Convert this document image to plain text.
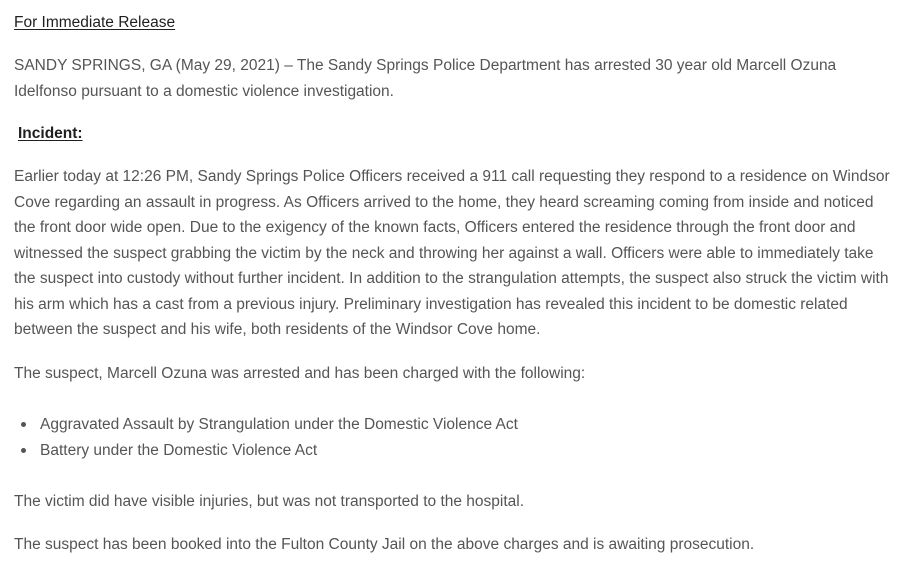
For Immediate Release

SANDY SPRINGS, GA (May 29, 2021) – The Sandy Springs Police Department has arrested 30 year old Marcell Ozuna Idelfonso pursuant to a domestic violence investigation.

Incident:

Earlier today at 12:26 PM, Sandy Springs Police Officers received a 911 call requesting they respond to a residence on Windsor Cove regarding an assault in progress. As Officers arrived to the home, they heard screaming coming from inside and noticed the front door wide open. Due to the exigency of the known facts, Officers entered the residence through the front door and witnessed the suspect grabbing the victim by the neck and throwing her against a wall. Officers were able to immediately take the suspect into custody without further incident. In addition to the strangulation attempts, the suspect also struck the victim with his arm which has a cast from a previous injury. Preliminary investigation has revealed this incident to be domestic related between the suspect and his wife, both residents of the Windsor Cove home.

The suspect, Marcell Ozuna was arrested and has been charged with the following:

Aggravated Assault by Strangulation under the Domestic Violence Act
Battery under the Domestic Violence Act

The victim did have visible injuries, but was not transported to the hospital.

The suspect has been booked into the Fulton County Jail on the above charges and is awaiting prosecution.
